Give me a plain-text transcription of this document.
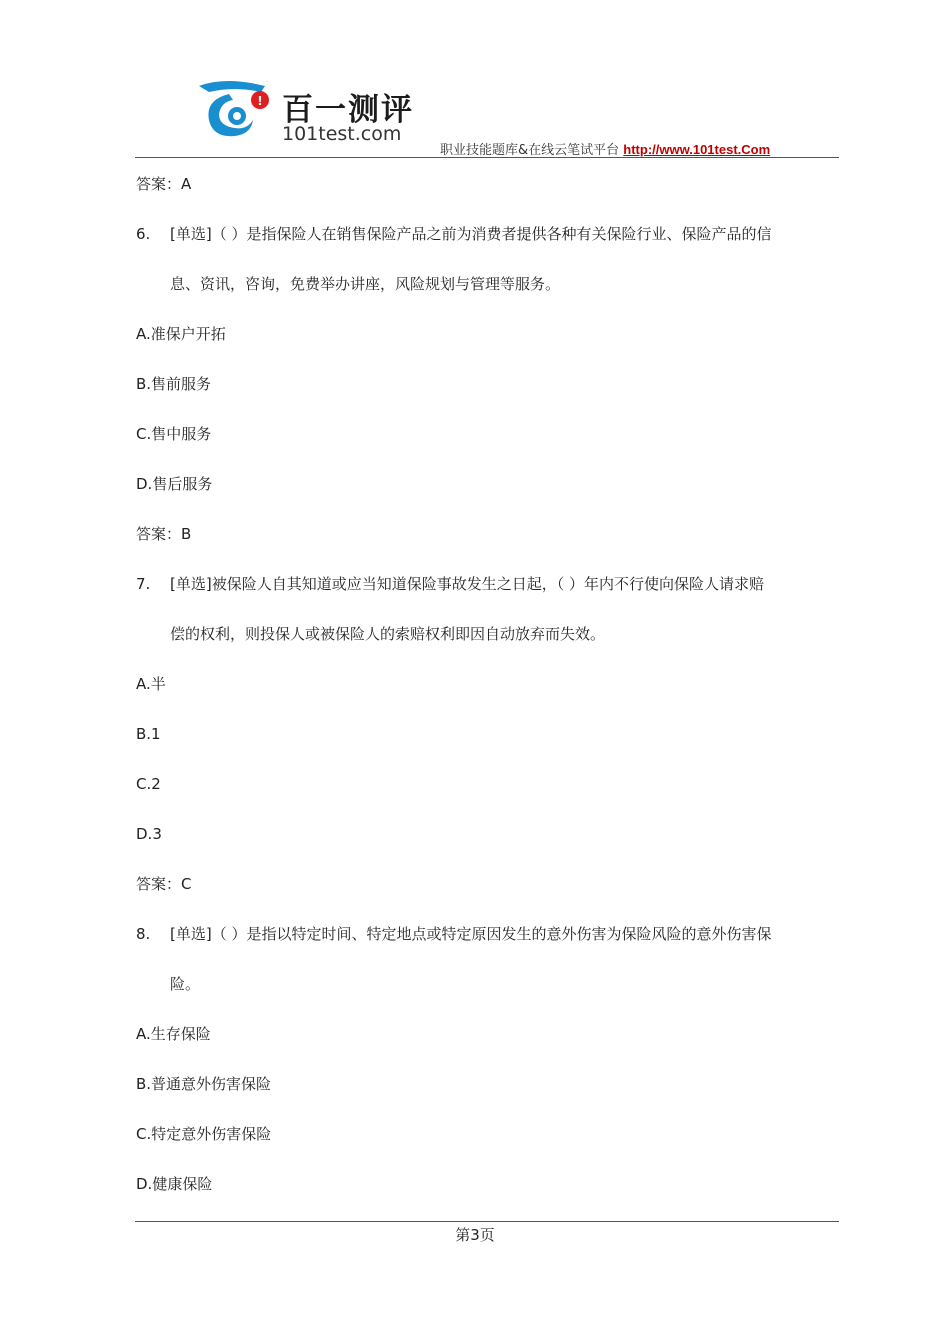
! 百一测评
101test.com
职业技能题库&在线云笔试平台 http://www.101test.Com
答案：A
6. [单选]（ ）是指保险人在销售保险产品之前为消费者提供各种有关保险行业、保险产品的信
息、资讯，咨询，免费举办讲座，风险规划与管理等服务。
A.准保户开拓
B.售前服务
C.售中服务
D.售后服务
答案：B
7. [单选]被保险人自其知道或应当知道保险事故发生之日起，（ ）年内不行使向保险人请求赔
偿的权利，则投保人或被保险人的索赔权利即因自动放弃而失效。
A.半
B.1
C.2
D.3
答案：C
8. [单选]（ ）是指以特定时间、特定地点或特定原因发生的意外伤害为保险风险的意外伤害保
险。
A.生存保险
B.普通意外伤害保险
C.特定意外伤害保险
D.健康保险
第3页
